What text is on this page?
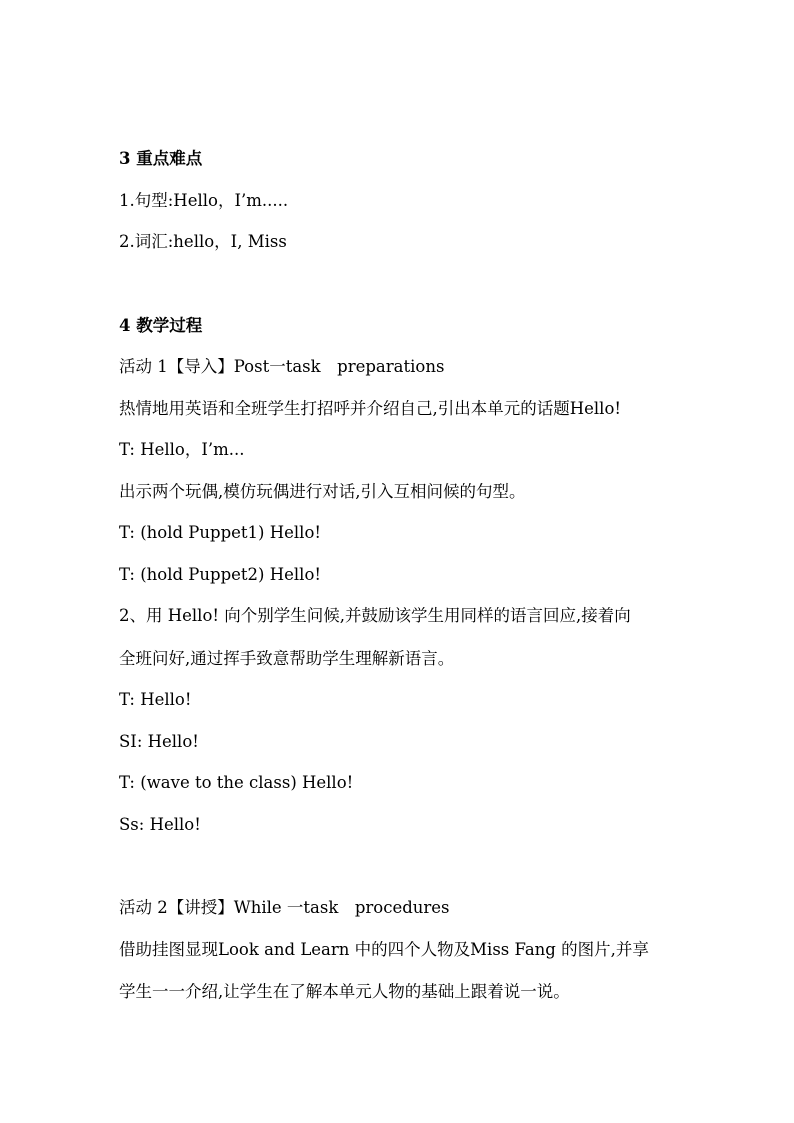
3 重点难点
1.句型:Hello，I’m.....
2.词汇:hello，I, Miss
4 教学过程
活动 1【导入】Post一task　preparations
热情地用英语和全班学生打招呼并介绍自己,引出本单元的话题Hello!
T: Hello，I’m...
出示两个玩偶,模仿玩偶进行对话,引入互相问候的句型。
T: (hold Puppet1) Hello!
T: (hold Puppet2) Hello!
2、用 Hello! 向个别学生问候,并鼓励该学生用同样的语言回应,接着向
全班问好,通过挥手致意帮助学生理解新语言。
T: Hello!
SI: Hello!
T: (wave to the class) Hello!
Ss: Hello!
活动 2【讲授】While 一task　procedures
借助挂图显现Look and Learn 中的四个人物及Miss Fang 的图片,并享
学生一一介绍,让学生在了解本单元人物的基础上跟着说一说。
